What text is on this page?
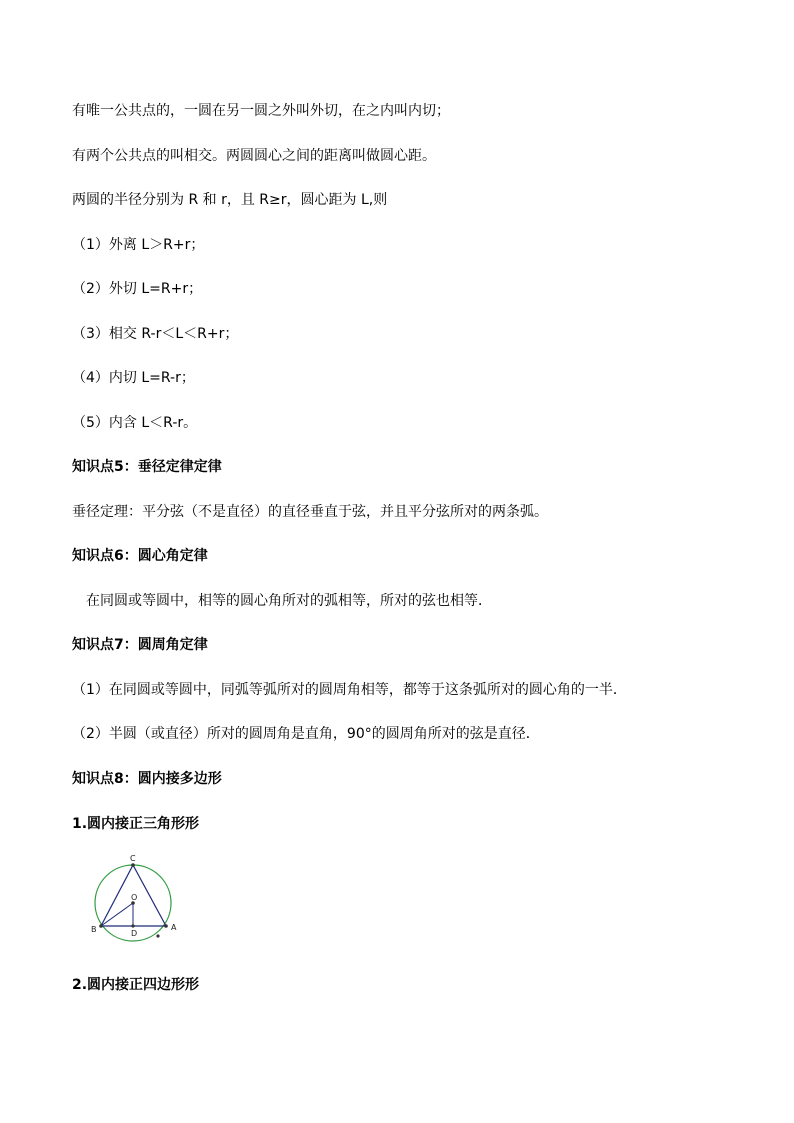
有唯一公共点的，一圆在另一圆之外叫外切，在之内叫内切；
有两个公共点的叫相交。两圆圆心之间的距离叫做圆心距。
两圆的半径分别为 R 和 r，且 R≥r，圆心距为 L,则
（1）外离 L＞R+r；
（2）外切 L=R+r；
（3）相交 R-r＜L＜R+r；
（4）内切 L=R-r；
（5）内含 L＜R-r。
知识点5：垂径定律定律
垂径定理：平分弦（不是直径）的直径垂直于弦，并且平分弦所对的两条弧。
知识点6：圆心角定律
在同圆或等圆中，相等的圆心角所对的弧相等，所对的弦也相等．
知识点7：圆周角定律
（1）在同圆或等圆中，同弧等弧所对的圆周角相等，都等于这条弧所对的圆心角的一半．
（2）半圆（或直径）所对的圆周角是直角，90°的圆周角所对的弦是直径．
知识点8：圆内接多边形
1.圆内接正三角形形
C
O
B	D
A
2.圆内接正四边形形
